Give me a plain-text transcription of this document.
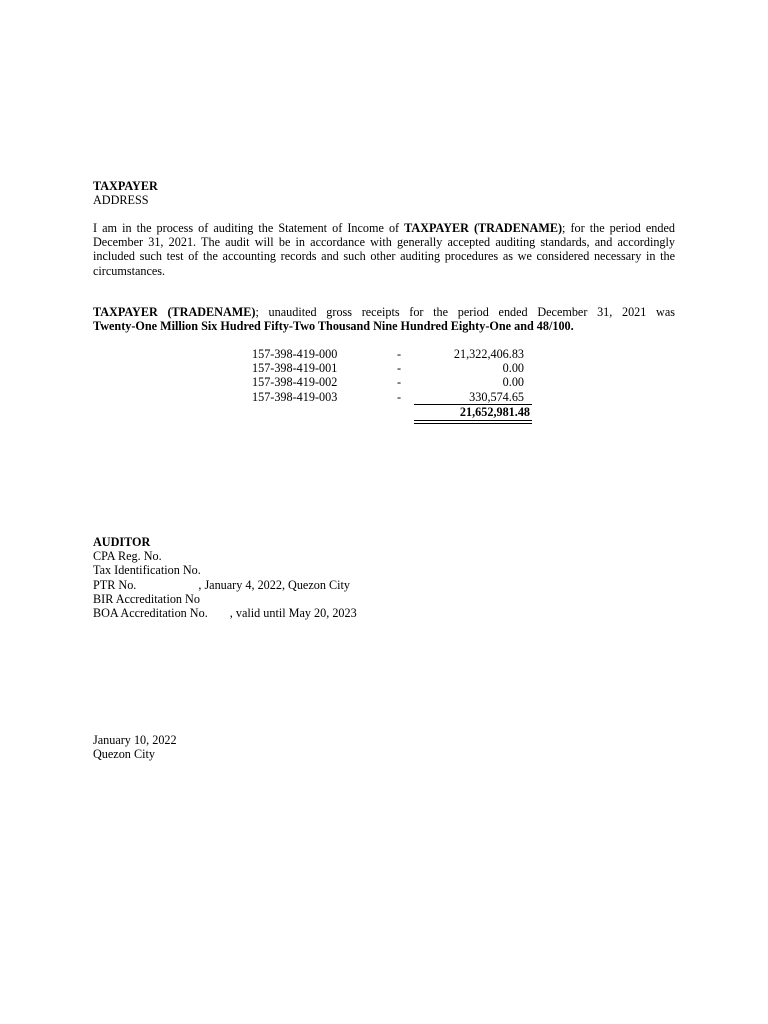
TAXPAYER
ADDRESS
I am in the process of auditing the Statement of Income of TAXPAYER (TRADENAME); for the period ended December 31, 2021. The audit will be in accordance with generally accepted auditing standards, and accordingly included such test of the accounting records and such other auditing procedures as we considered necessary in the circumstances.
TAXPAYER (TRADENAME); unaudited gross receipts for the period ended December 31, 2021 was
Twenty-One Million Six Hudred Fifty-Two Thousand Nine Hundred Eighty-One and 48/100.
157-398-419-000	-	21,322,406.83
157-398-419-001	-	0.00
157-398-419-002	-	0.00
157-398-419-003	-	330,574.65
21,652,981.48
AUDITOR
CPA Reg. No.
Tax Identification No.
PTR No.	, January 4, 2022, Quezon City
BIR Accreditation No
BOA Accreditation No. , valid until May 20, 2023
January 10, 2022
Quezon City
